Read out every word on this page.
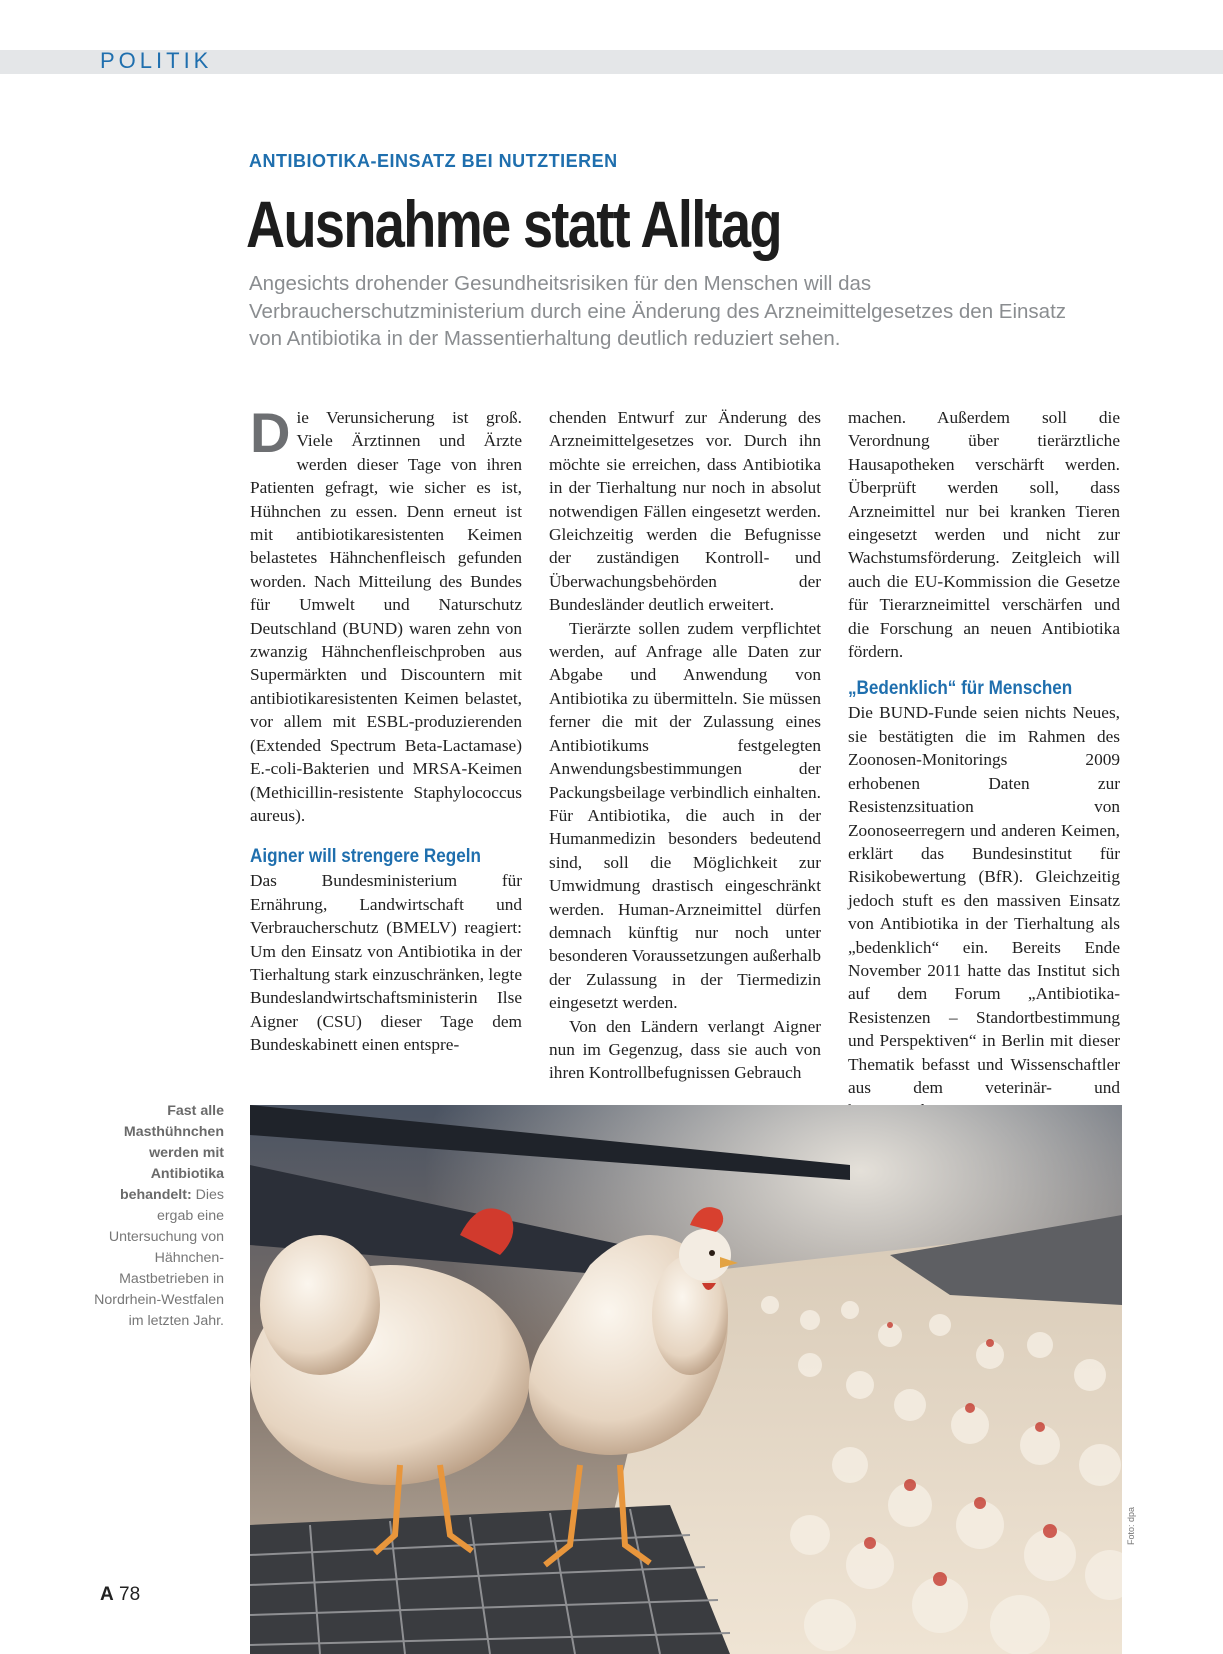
POLITIK
ANTIBIOTIKA-EINSATZ BEI NUTZTIEREN
Ausnahme statt Alltag

Angesichts drohender Gesundheitsrisiken für den Menschen will das Verbraucherschutzministerium durch eine Änderung des Arzneimittelgesetzes den Einsatz von Antibiotika in der Massentierhaltung deutlich reduziert sehen.

Die Verunsicherung ist groß. Viele Ärztinnen und Ärzte werden dieser Tage von ihren Patienten gefragt, wie sicher es ist, Hühnchen zu essen. Denn erneut ist mit antibiotikaresistenten Keimen belastetes Hähnchenfleisch gefunden worden. Nach Mitteilung des Bundes für Umwelt und Naturschutz Deutschland (BUND) waren zehn von zwanzig Hähnchenfleischproben aus Supermärkten und Discountern mit antibiotikaresistenten Keimen belastet, vor allem mit ESBL-produzierenden (Extended Spectrum Beta-Lactamase) E.-coli-Bakterien und MRSA-Keimen (Methicillin-resistente Staphylococcus aureus).

Aigner will strengere Regeln

Das Bundesministerium für Ernährung, Landwirtschaft und Verbraucherschutz (BMELV) reagiert: Um den Einsatz von Antibiotika in der Tierhaltung stark einzuschränken, legte Bundeslandwirtschaftsministerin Ilse Aigner (CSU) dieser Tage dem Bundeskabinett einen entspre-

chenden Entwurf zur Änderung des Arzneimittelgesetzes vor. Durch ihn möchte sie erreichen, dass Antibiotika in der Tierhaltung nur noch in absolut notwendigen Fällen eingesetzt werden. Gleichzeitig werden die Befugnisse der zuständigen Kontroll- und Überwachungsbehörden der Bundesländer deutlich erweitert.

Tierärzte sollen zudem verpflichtet werden, auf Anfrage alle Daten zur Abgabe und Anwendung von Antibiotika zu übermitteln. Sie müssen ferner die mit der Zulassung eines Antibiotikums festgelegten Anwendungsbestimmungen der Packungsbeilage verbindlich einhalten. Für Antibiotika, die auch in der Humanmedizin besonders bedeutend sind, soll die Möglichkeit zur Umwidmung drastisch eingeschränkt werden. Human-Arzneimittel dürfen demnach künftig nur noch unter besonderen Voraussetzungen außerhalb der Zulassung in der Tiermedizin eingesetzt werden.

Von den Ländern verlangt Aigner nun im Gegenzug, dass sie auch von ihren Kontrollbefugnissen Gebrauch

machen. Außerdem soll die Verordnung über tierärztliche Hausapotheken verschärft werden. Überprüft werden soll, dass Arzneimittel nur bei kranken Tieren eingesetzt werden und nicht zur Wachstumsförderung. Zeitgleich will auch die EU-Kommission die Gesetze für Tierarzneimittel verschärfen und die Forschung an neuen Antibiotika fördern.

„Bedenklich“ für Menschen

Die BUND-Funde seien nichts Neues, sie bestätigten die im Rahmen des Zoonosen-Monitorings 2009 erhobenen Daten zur Resistenzsituation von Zoonoseerregern und anderen Keimen, erklärt das Bundesinstitut für Risikobewertung (BfR). Gleichzeitig jedoch stuft es den massiven Einsatz von Antibiotika in der Tierhaltung als „bedenklich“ ein. Bereits Ende November 2011 hatte das Institut sich auf dem Forum „Antibiotika-Resistenzen – Standortbestimmung und Perspektiven“ in Berlin mit dieser Thematik befasst und Wissenschaftler aus dem veterinär- und

Fast alle Masthühnchen werden mit Antibiotika behandelt: Dies ergab eine Untersuchung von Hähnchen-Mastbetrieben in Nordrhein-Westfalen im letzten Jahr.

Foto: dpa
A 78
